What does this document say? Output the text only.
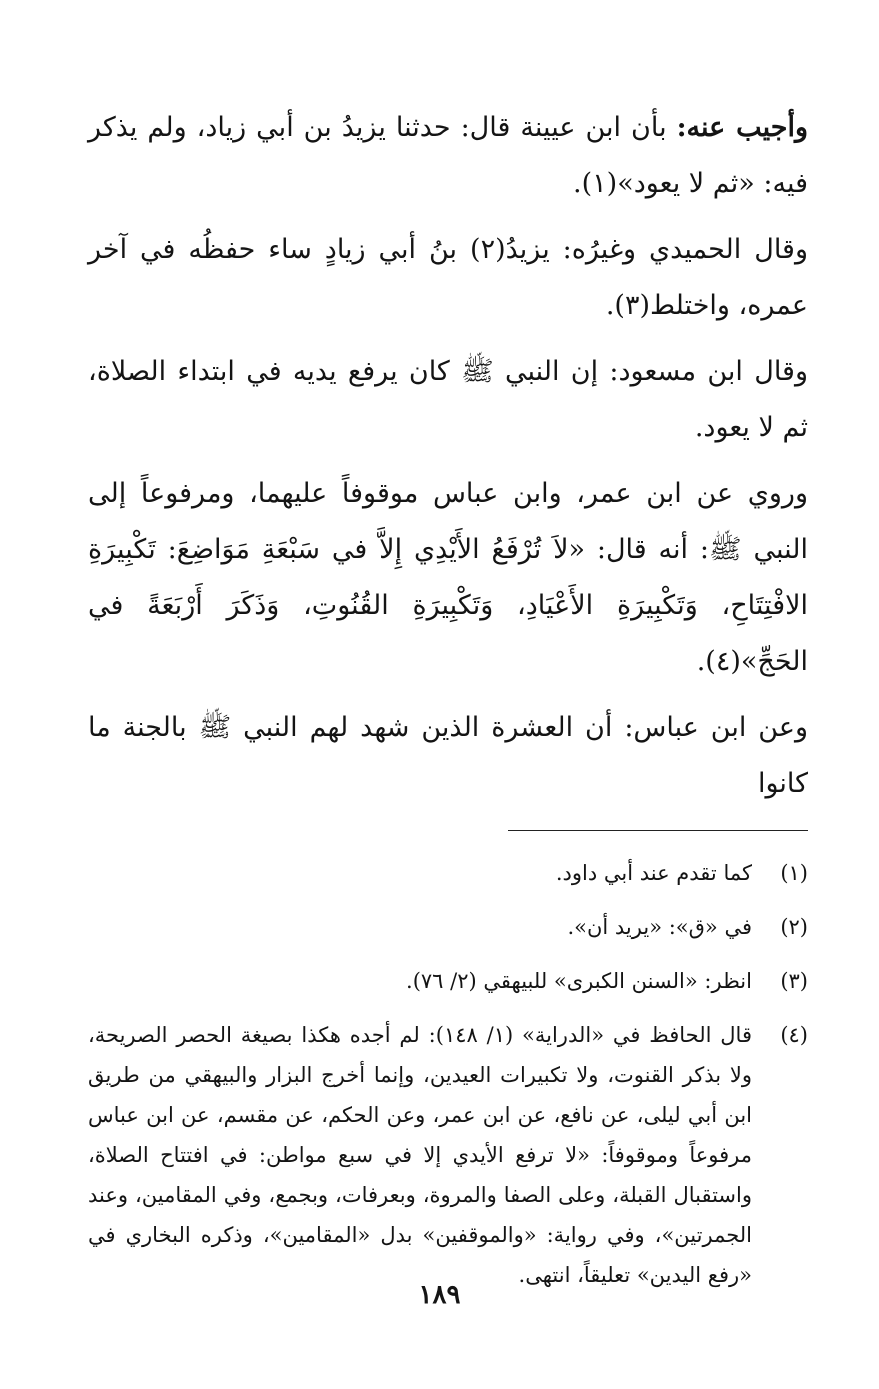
وأجيب عنه: بأن ابن عيينة قال: حدثنا يزيدُ بن أبي زياد، ولم يذكر فيه: «ثم لا يعود»(١).

وقال الحميدي وغيرُه: يزيدُ(٢) بنُ أبي زيادٍ ساء حفظُه في آخر عمره، واختلط(٣).

وقال ابن مسعود: إن النبي ﷺ كان يرفع يديه في ابتداء الصلاة، ثم لا يعود.

وروي عن ابن عمر، وابن عباس موقوفاً عليهما، ومرفوعاً إلى النبي ﷺ: أنه قال: «لاَ تُرْفَعُ الأَيْدِي إِلاَّ في سَبْعَةِ مَوَاضِعَ: تَكْبِيرَةِ الافْتِتَاحِ، وَتَكْبِيرَةِ الأَعْيَادِ، وَتَكْبِيرَةِ القُنُوتِ، وَذَكَرَ أَرْبَعَةً في الحَجِّ»(٤).

وعن ابن عباس: أن العشرة الذين شهد لهم النبي ﷺ بالجنة ما كانوا

(١)
كما تقدم عند أبي داود.
(٢)
في «ق»: «يريد أن».
(٣)
انظر: «السنن الكبرى» للبيهقي (٢/ ٧٦).
(٤)
قال الحافظ في «الدراية» (١/ ١٤٨): لم أجده هكذا بصيغة الحصر الصريحة، ولا بذكر القنوت، ولا تكبيرات العيدين، وإنما أخرج البزار والبيهقي من طريق ابن أبي ليلى، عن نافع، عن ابن عمر، وعن الحكم، عن مقسم، عن ابن عباس مرفوعاً وموقوفاً: «لا ترفع الأيدي إلا في سبع مواطن: في افتتاح الصلاة، واستقبال القبلة، وعلى الصفا والمروة، وبعرفات، وبجمع، وفي المقامين، وعند الجمرتين»، وفي رواية: «والموقفين» بدل «المقامين»، وذكره البخاري في «رفع اليدين» تعليقاً، انتهى.
١٨٩
